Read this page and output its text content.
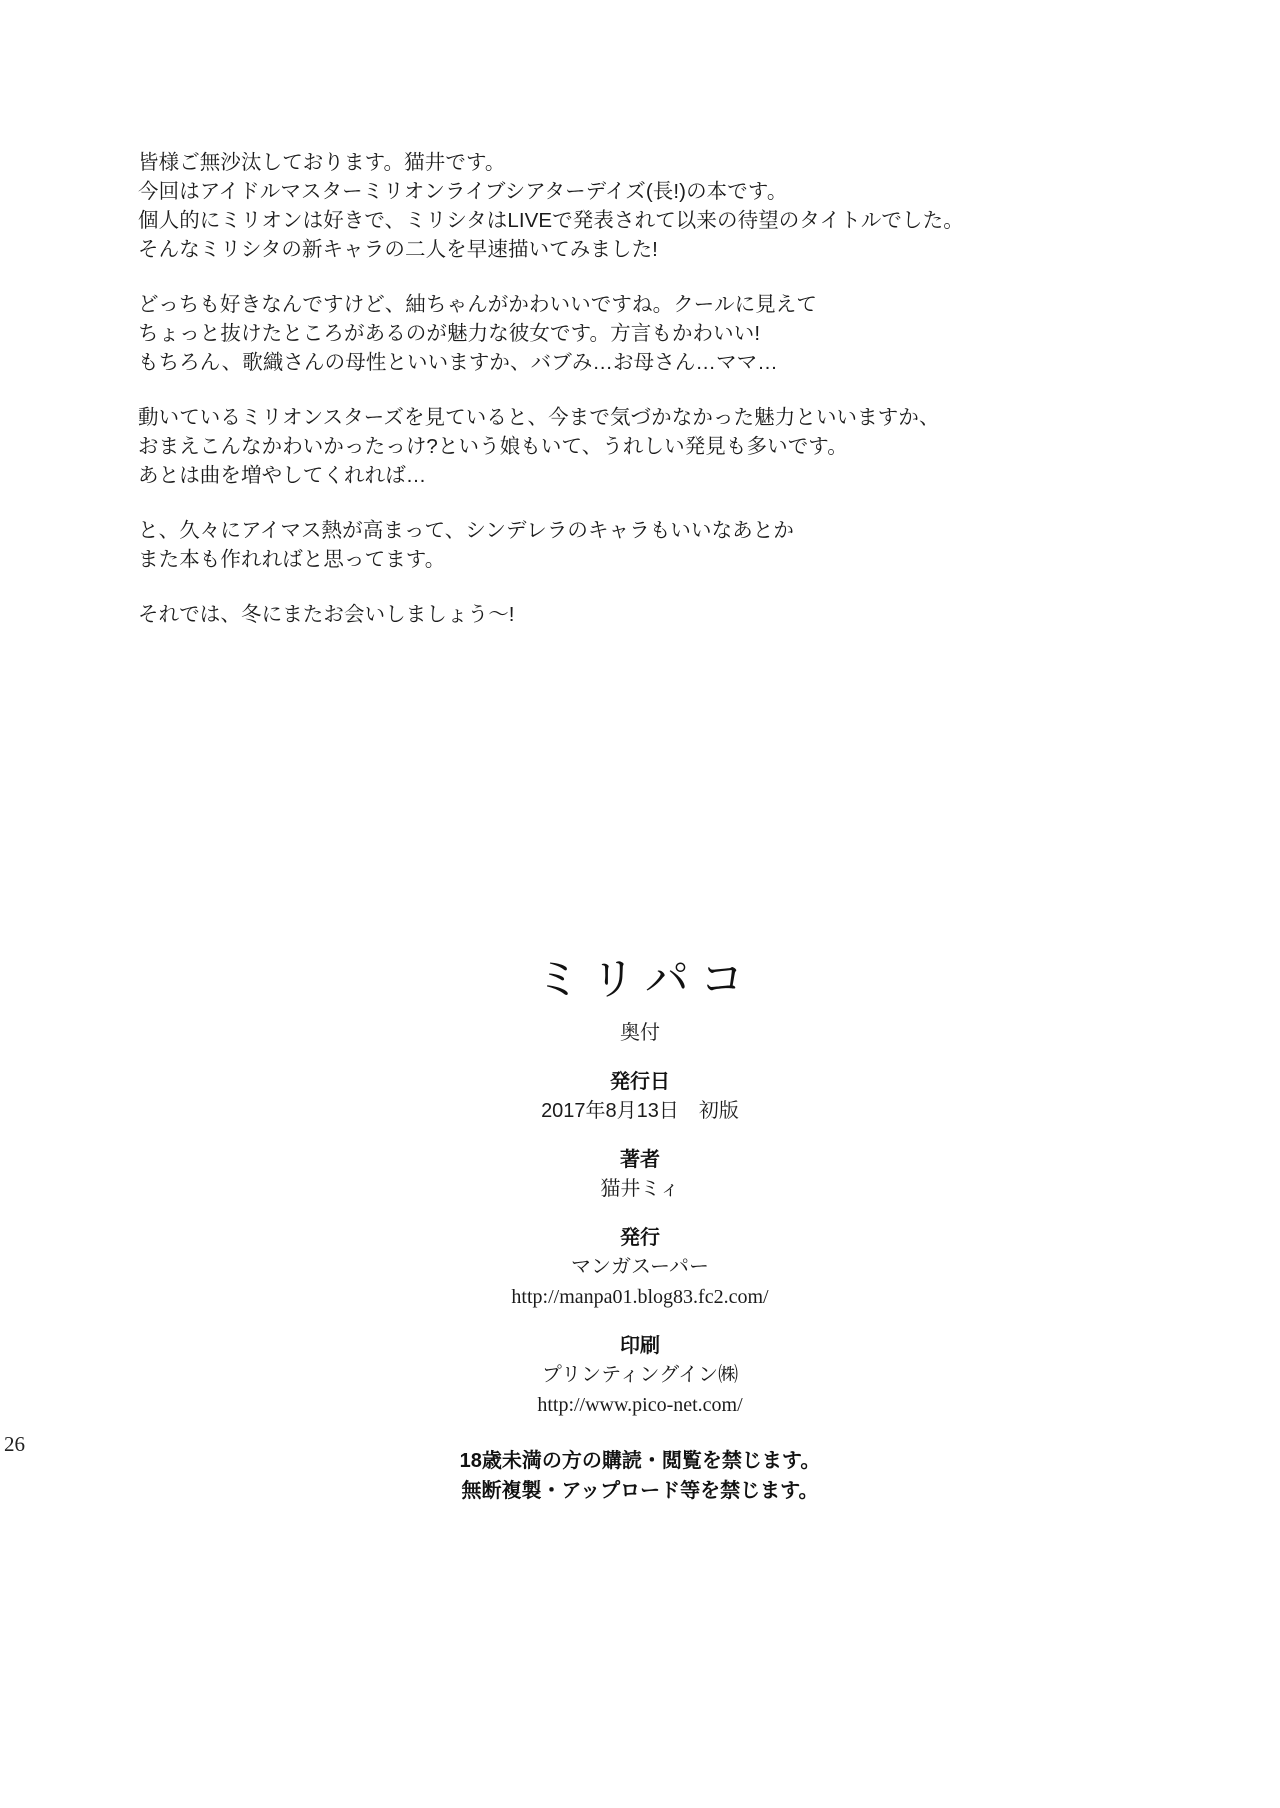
皆様ご無沙汰しております。猫井です。
今回はアイドルマスターミリオンライブシアターデイズ(長!)の本です。
個人的にミリオンは好きで、ミリシタはLIVEで発表されて以来の待望のタイトルでした。
そんなミリシタの新キャラの二人を早速描いてみました!
どっちも好きなんですけど、紬ちゃんがかわいいですね。クールに見えて
ちょっと抜けたところがあるのが魅力な彼女です。方言もかわいい!
もちろん、歌織さんの母性といいますか、バブみ…お母さん…ママ…
動いているミリオンスターズを見ていると、今まで気づかなかった魅力といいますか、
おまえこんなかわいかったっけ?という娘もいて、うれしい発見も多いです。
あとは曲を増やしてくれれば…
と、久々にアイマス熱が高まって、シンデレラのキャラもいいなあとか
また本も作れればと思ってます。
それでは、冬にまたお会いしましょう〜!
ミリパコ
奥付
発行日
2017年8月13日　初版
著者
猫井ミィ
発行
マンガスーパー
http://manpa01.blog83.fc2.com/
印刷
プリンティングイン㈱
http://www.pico-net.com/
18歳未満の方の購読・閲覧を禁じます。
無断複製・アップロード等を禁じます。
26
